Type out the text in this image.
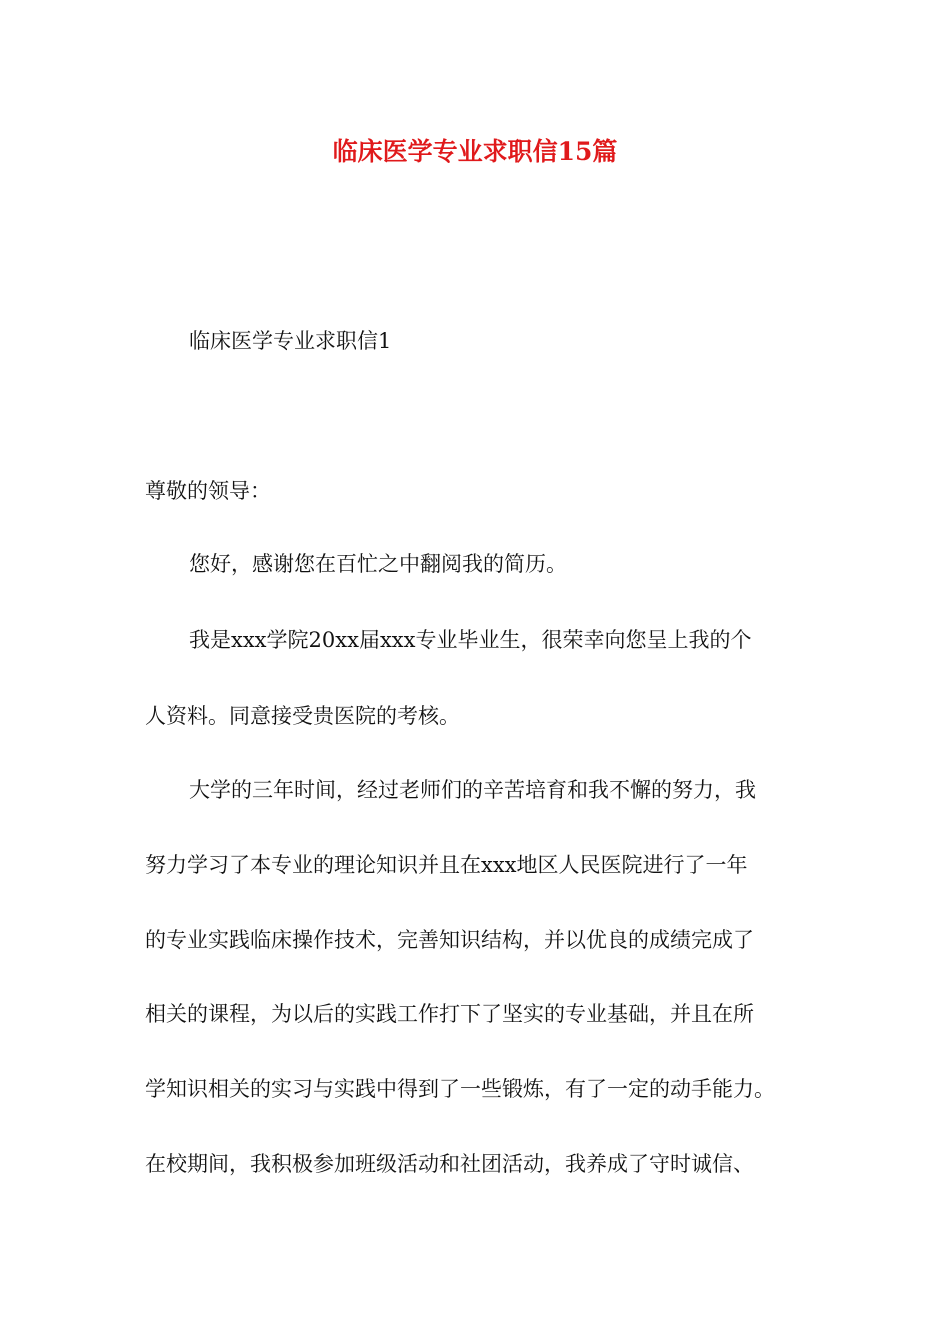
临床医学专业求职信15篇

临床医学专业求职信1

尊敬的领导：

您好，感谢您在百忙之中翻阅我的简历。

我是xxx学院20xx届xxx专业毕业生，很荣幸向您呈上我的个

人资料。同意接受贵医院的考核。

大学的三年时间，经过老师们的辛苦培育和我不懈的努力，我

努力学习了本专业的理论知识并且在xxx地区人民医院进行了一年

的专业实践临床操作技术，完善知识结构，并以优良的成绩完成了

相关的课程，为以后的实践工作打下了坚实的专业基础，并且在所

学知识相关的实习与实践中得到了一些锻炼，有了一定的动手能力。

在校期间，我积极参加班级活动和社团活动，我养成了守时诚信、
